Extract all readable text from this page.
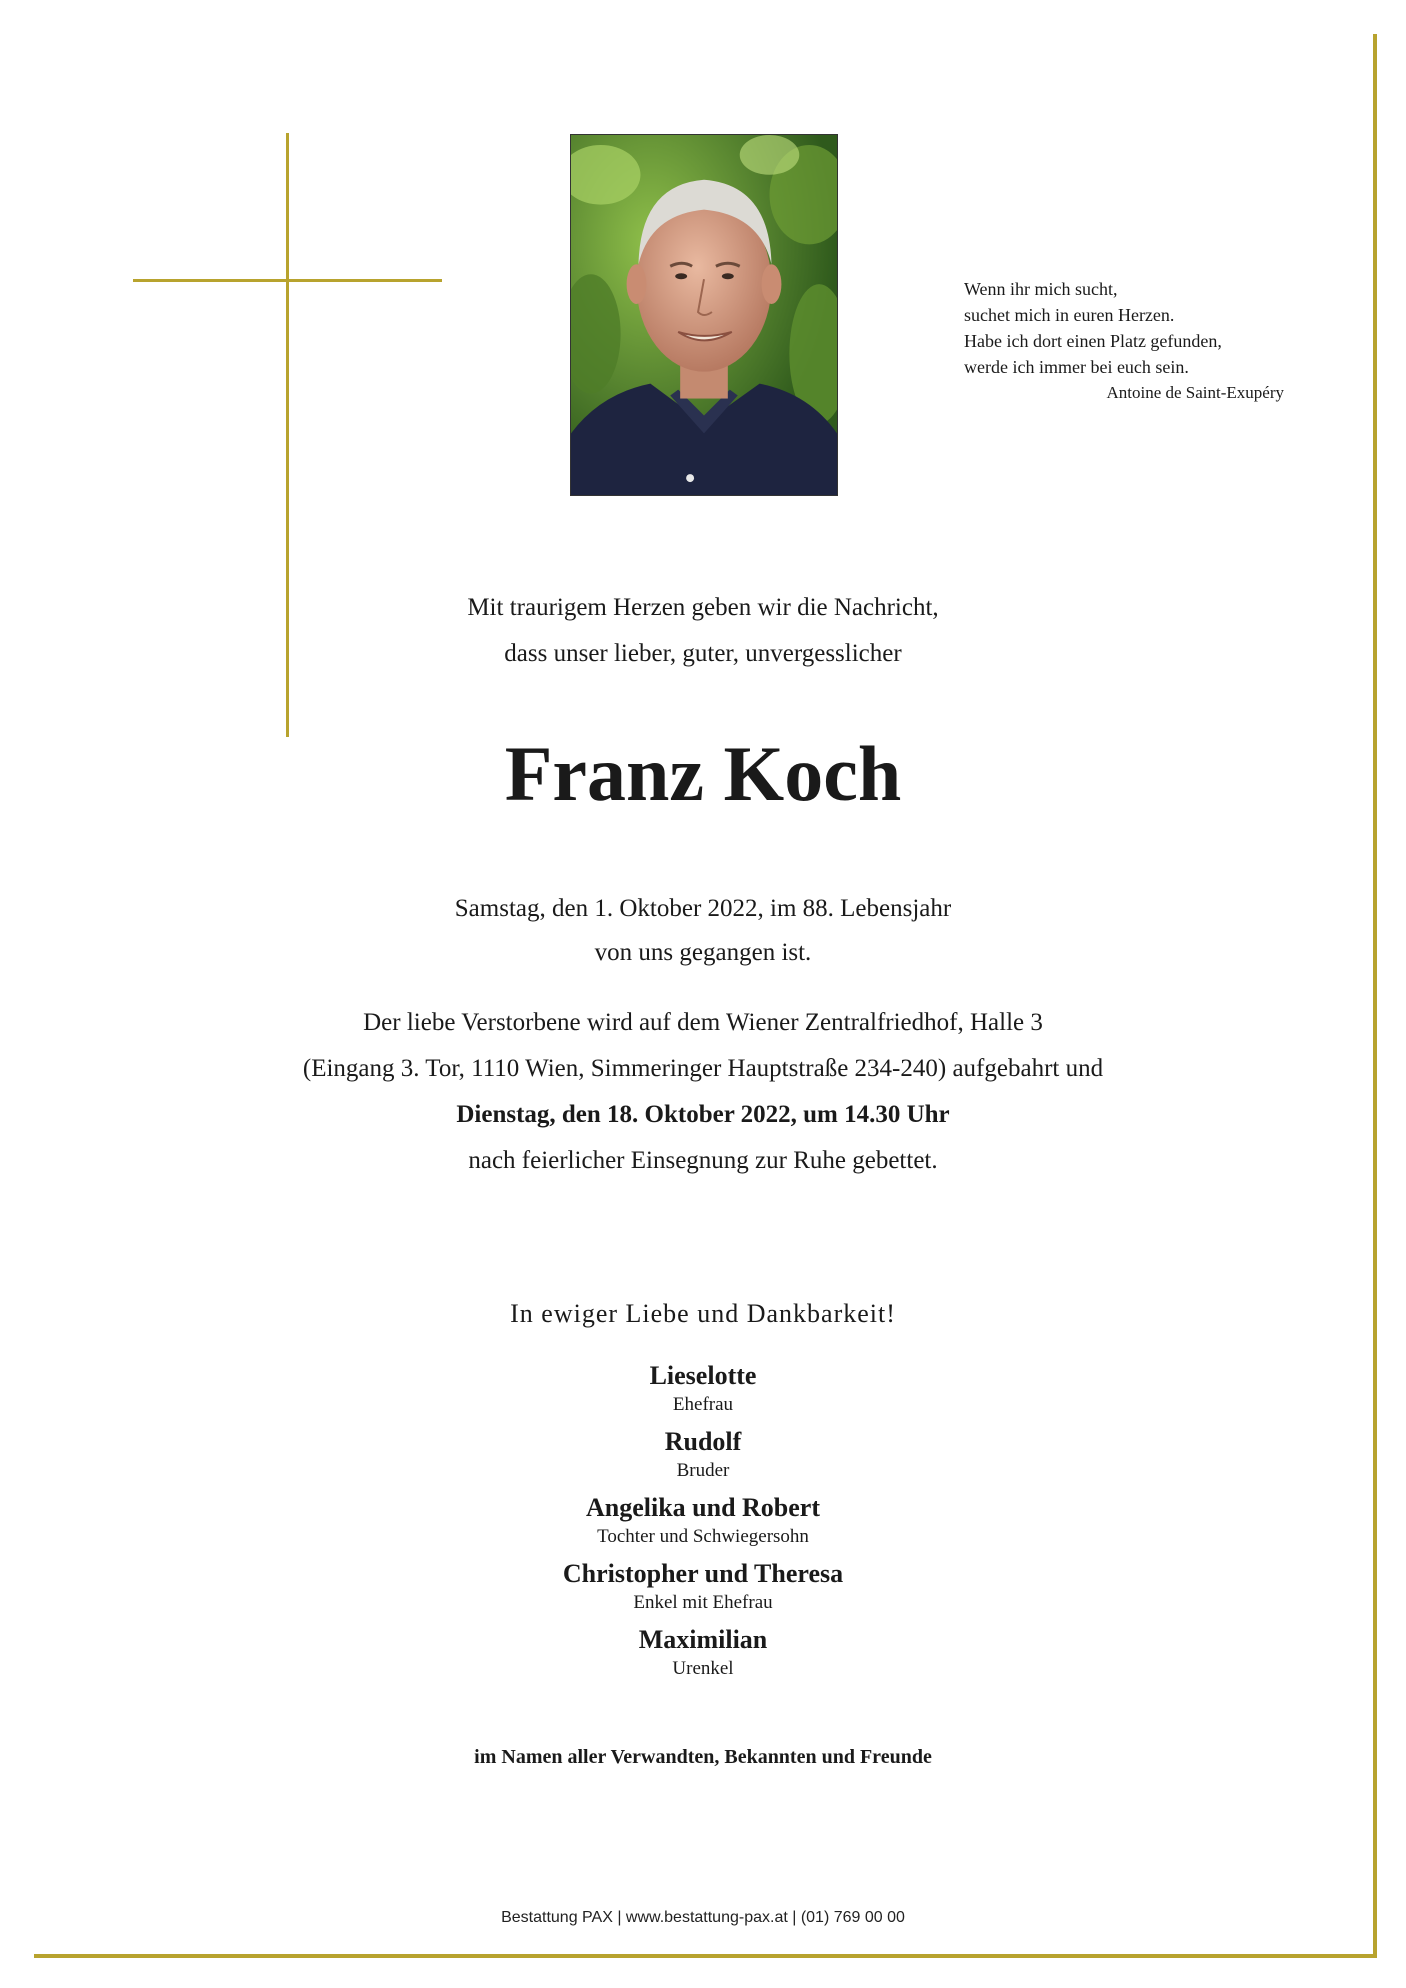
Wenn ihr mich sucht,
suchet mich in euren Herzen.
Habe ich dort einen Platz gefunden,
werde ich immer bei euch sein.
Antoine de Saint-Exupéry
Mit traurigem Herzen geben wir die Nachricht,
dass unser lieber, guter, unvergesslicher
Franz Koch
Samstag, den 1. Oktober 2022, im 88. Lebensjahr
von uns gegangen ist.
Der liebe Verstorbene wird auf dem Wiener Zentralfriedhof, Halle 3
(Eingang 3. Tor, 1110 Wien, Simmeringer Hauptstraße 234-240) aufgebahrt und
Dienstag, den 18. Oktober 2022, um 14.30 Uhr
nach feierlicher Einsegnung zur Ruhe gebettet.
In ewiger Liebe und Dankbarkeit!
Lieselotte
Ehefrau
Rudolf
Bruder
Angelika und Robert
Tochter und Schwiegersohn
Christopher und Theresa
Enkel mit Ehefrau
Maximilian
Urenkel
im Namen aller Verwandten, Bekannten und Freunde
Bestattung PAX | www.bestattung-pax.at | (01) 769 00 00
